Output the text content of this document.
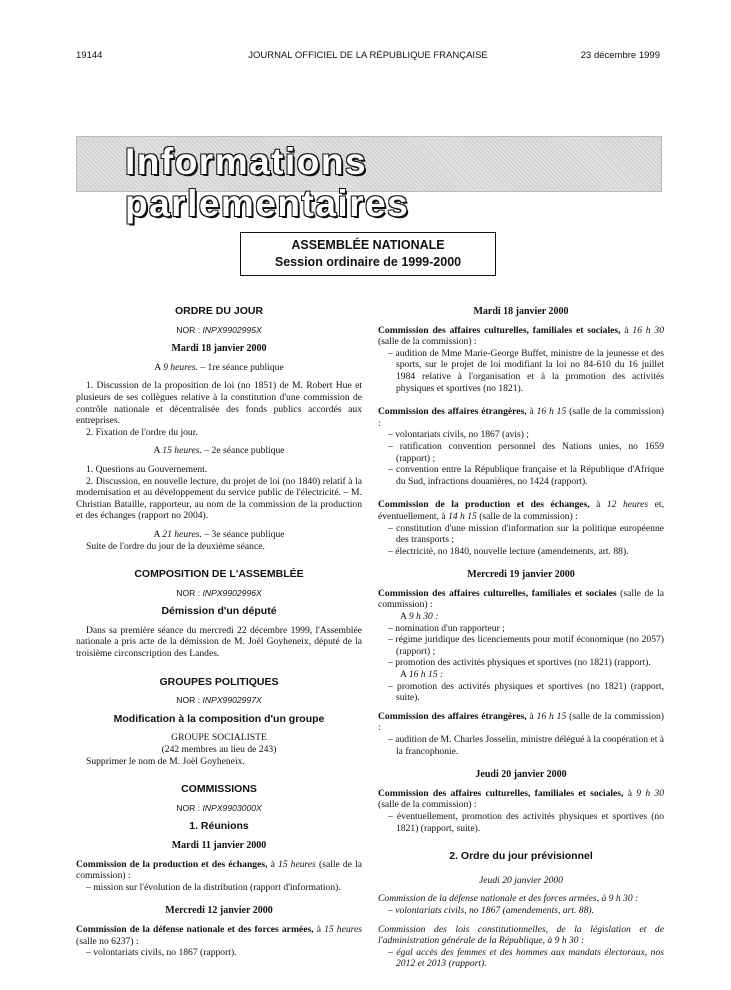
19144	JOURNAL OFFICIEL DE LA RÉPUBLIQUE FRANÇAISE	23 décembre 1999
Informations parlementaires
ASSEMBLÉE NATIONALE
Session ordinaire de 1999-2000
ORDRE DU JOUR
NOR : INPX9902995X
Mardi 18 janvier 2000
A 9 heures. – 1re séance publique

1. Discussion de la proposition de loi (no 1851) de M. Robert Hue et plusieurs de ses collègues relative à la constitution d'une commission de contrôle nationale et décentralisée des fonds publics accordés aux entreprises.

2. Fixation de l'ordre du jour.

A 15 heures. – 2e séance publique

1. Questions au Gouvernement.

2. Discussion, en nouvelle lecture, du projet de loi (no 1840) relatif à la modernisation et au développement du service public de l'électricité. – M. Christian Bataille, rapporteur, au nom de la commission de la production et des échanges (rapport no 2004).

A 21 heures. – 3e séance publique

Suite de l'ordre du jour de la deuxième séance.

COMPOSITION DE L'ASSEMBLÉE
NOR : INPX9902996X
Démission d'un député

Dans sa première séance du mercredi 22 décembre 1999, l'Assemblée nationale a pris acte de la démission de M. Joël Goyheneix, député de la troisième circonscription des Landes.

GROUPES POLITIQUES
NOR : INPX9902997X
Modification à la composition d'un groupe
GROUPE SOCIALISTE
(242 membres au lieu de 243)

Supprimer le nom de M. Joël Goyheneix.

COMMISSIONS
NOR : INPX9903000X
1. Réunions
Mardi 11 janvier 2000

Commission de la production et des échanges, à 15 heures (salle de la commission) :

– mission sur l'évolution de la distribution (rapport d'information).

Mercredi 12 janvier 2000

Commission de la défense nationale et des forces armées, à 15 heures (salle no 6237) :

– volontariats civils, no 1867 (rapport).

Mardi 18 janvier 2000

Commission des affaires culturelles, familiales et sociales, à 16 h 30 (salle de la commission) :

– audition de Mme Marie-George Buffet, ministre de la jeunesse et des sports, sur le projet de loi modifiant la loi no 84-610 du 16 juillet 1984 relative à l'organisation et à la promotion des activités physiques et sportives (no 1821).

Commission des affaires étrangères, à 16 h 15 (salle de la commission) :

– volontariats civils, no 1867 (avis) ;

– ratification convention personnel des Nations unies, no 1659 (rapport) ;

– convention entre la République française et la République d'Afrique du Sud, infractions douanières, no 1424 (rapport).

Commission de la production et des échanges, à 12 heures et, éventuellement, à 14 h 15 (salle de la commission) :

– constitution d'une mission d'information sur la politique européenne des transports ;

– électricité, no 1840, nouvelle lecture (amendements, art. 88).

Mercredi 19 janvier 2000

Commission des affaires culturelles, familiales et sociales (salle de la commission) :

A 9 h 30 :

– nomination d'un rapporteur ;

– régime juridique des licenciements pour motif économique (no 2057) (rapport) ;

– promotion des activités physiques et sportives (no 1821) (rapport).

A 16 h 15 :

– promotion des activités physiques et sportives (no 1821) (rapport, suite).

Commission des affaires étrangères, à 16 h 15 (salle de la commission) :

– audition de M. Charles Josselin, ministre délégué à la coopération et à la francophonie.

Jeudi 20 janvier 2000

Commission des affaires culturelles, familiales et sociales, à 9 h 30 (salle de la commission) :

– éventuellement, promotion des activités physiques et sportives (no 1821) (rapport, suite).

2. Ordre du jour prévisionnel
Jeudi 20 janvier 2000

Commission de la défense nationale et des forces armées, à 9 h 30 :

– volontariats civils, no 1867 (amendements, art. 88).

Commission des lois constitutionnelles, de la législation et de l'administration générale de la République, à 9 h 30 :

– égal accès des femmes et des hommes aux mandats électoraux, nos 2012 et 2013 (rapport).
